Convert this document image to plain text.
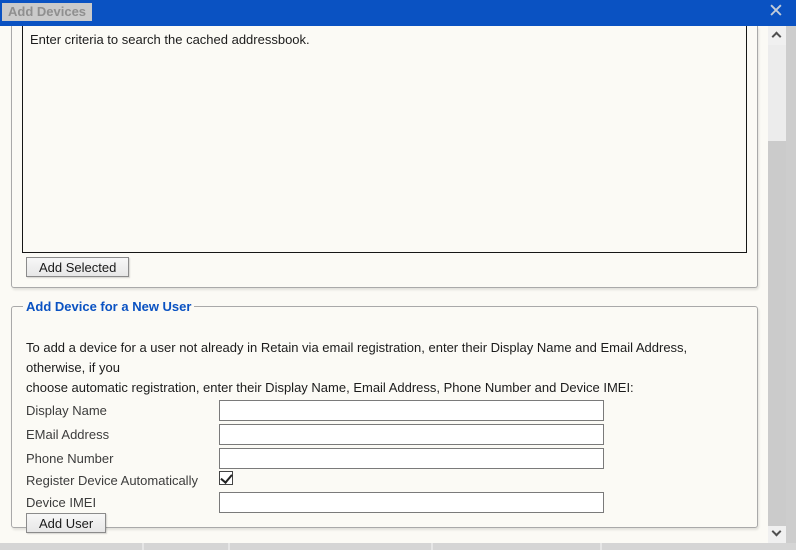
Add Devices	✕
Enter criteria to search the cached addressbook.
Add Selected
Add Device for a New User
To add a device for a user not already in Retain via email registration, enter their Display Name and Email Address, otherwise, if you
choose automatic registration, enter their Display Name, Email Address, Phone Number and Device IMEI:
Display Name
EMail Address
Phone Number
Register Device Automatically
Device IMEI
Add User
